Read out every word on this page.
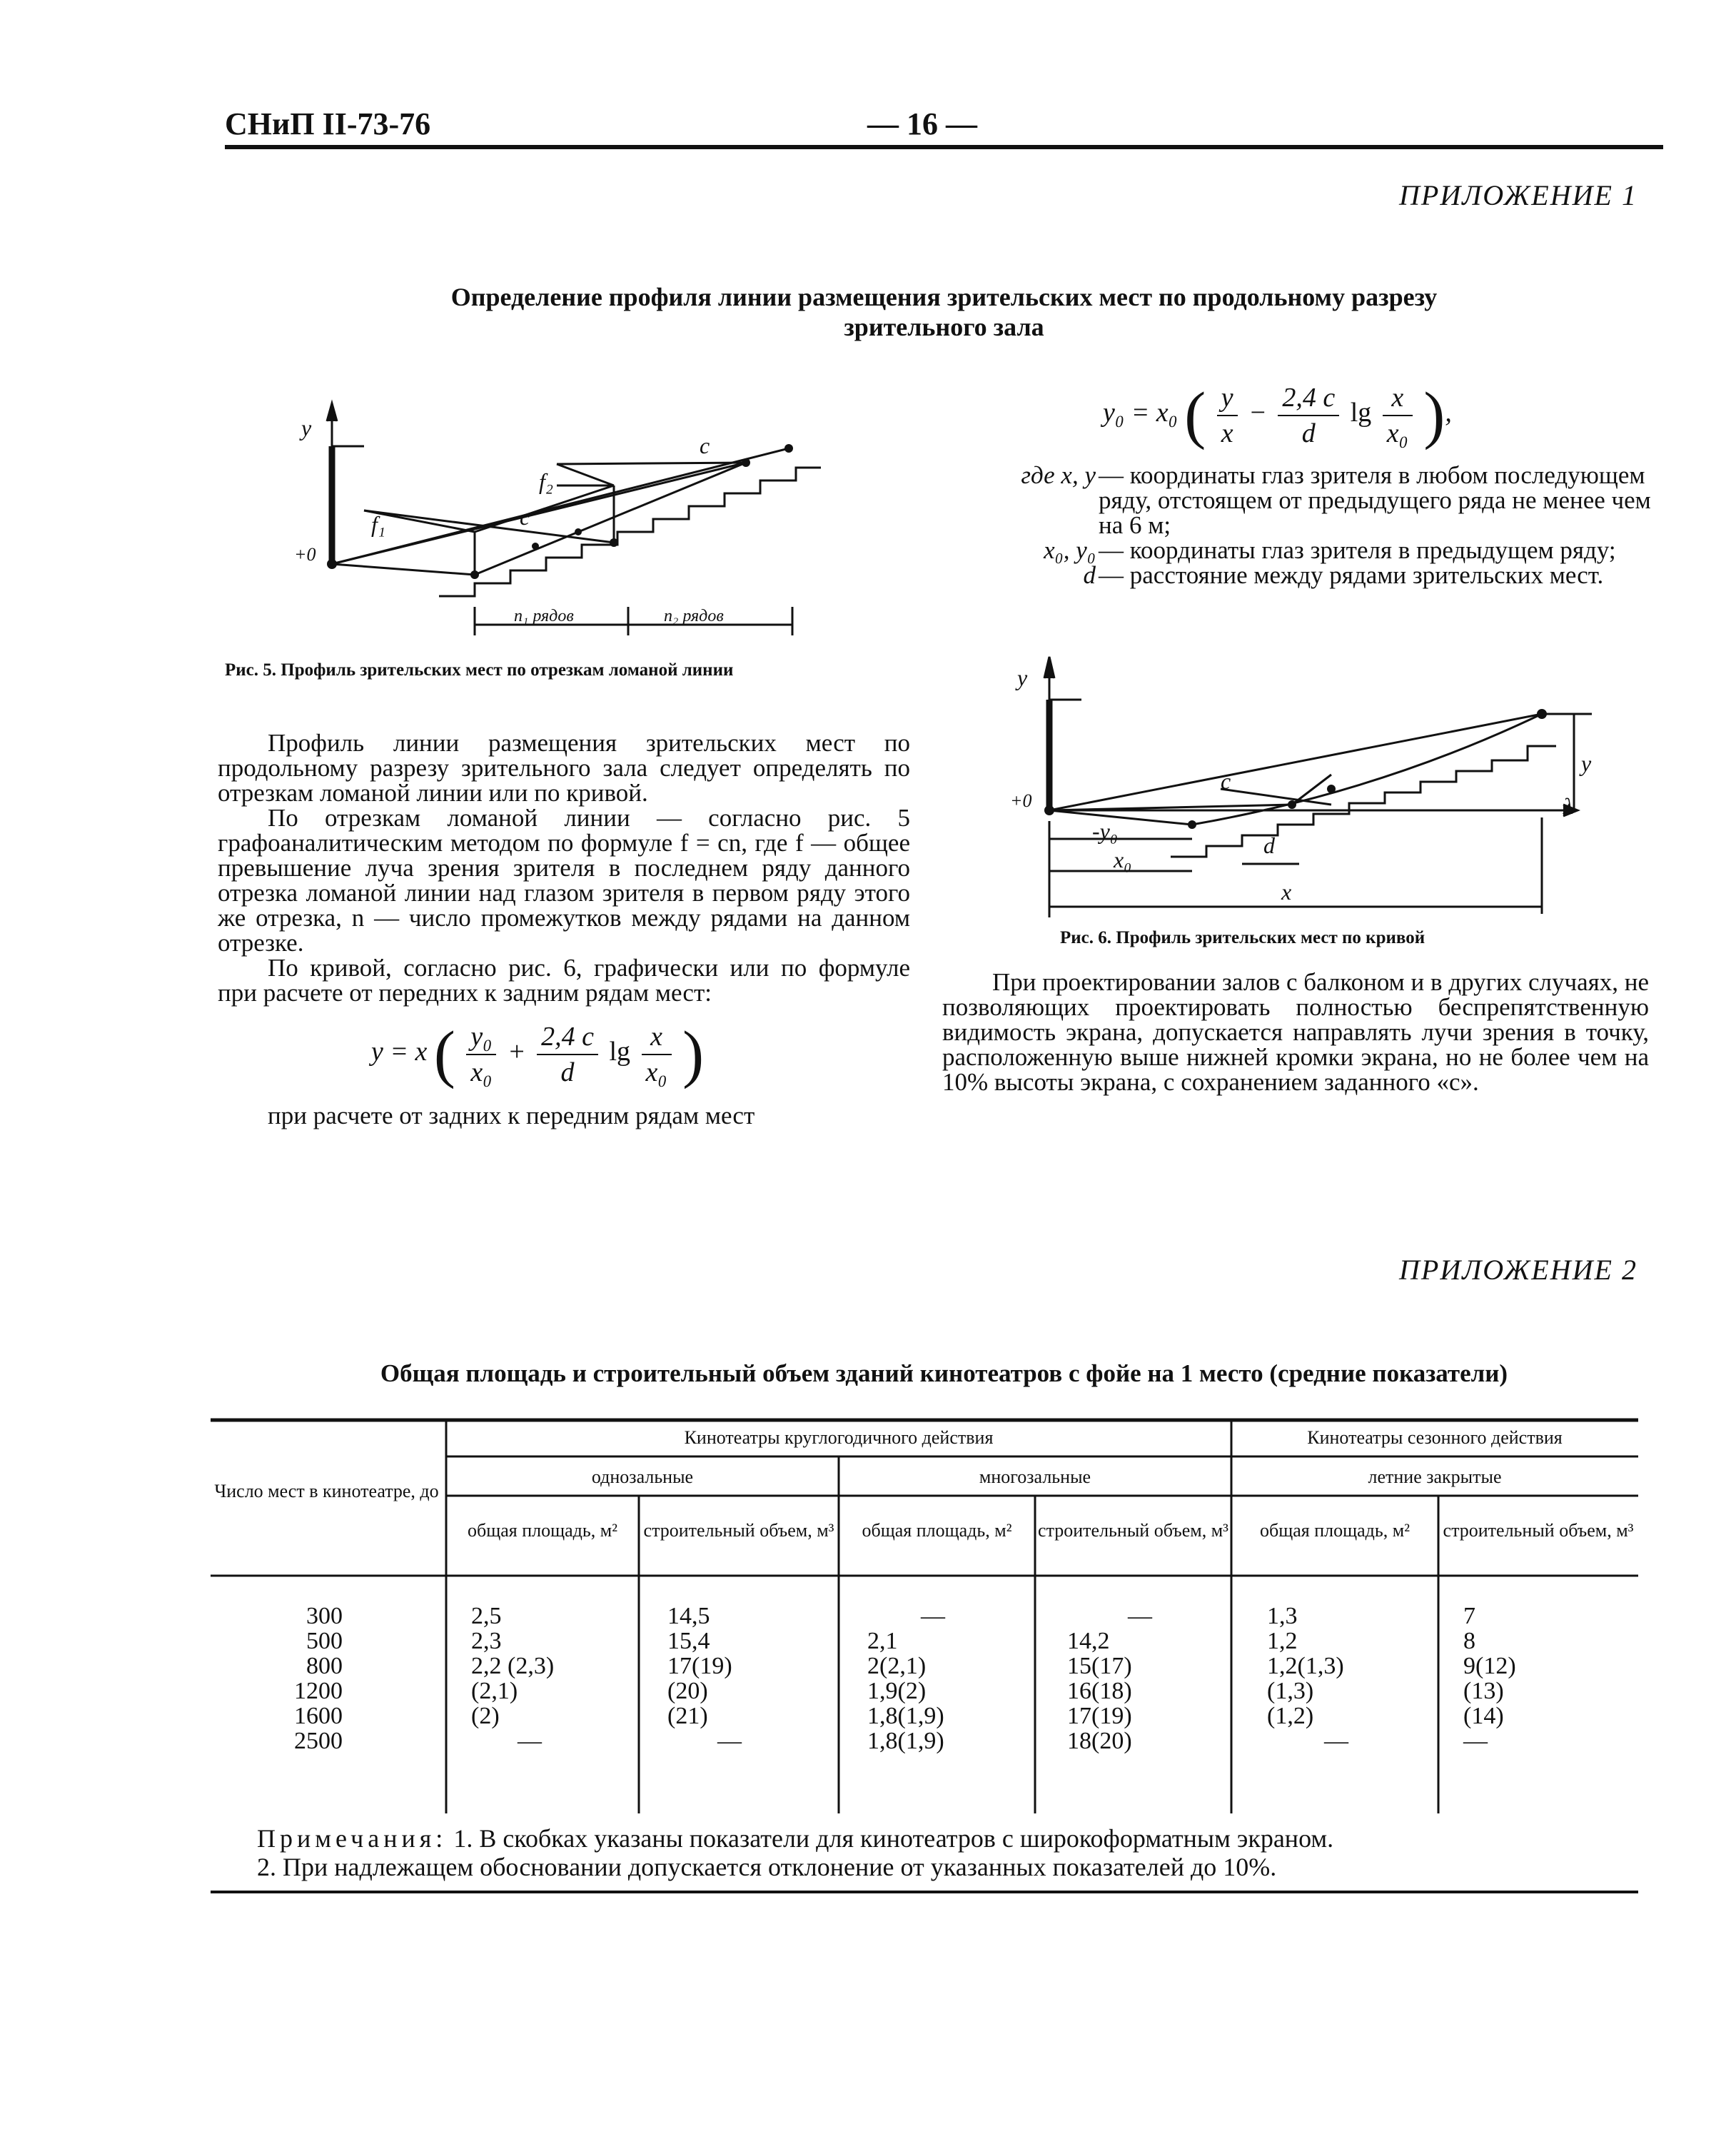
СНиП II-73-76	— 16 —
ПРИЛОЖЕНИЕ 1
Определение профиля линии размещения зрительских мест по продольному разрезу
зрительного зала
y
+0
f₁
f₂
c
c
n₁ рядов	n₂ рядов
Рис. 5. Профиль зрительских мест по отрезкам ломаной линии
y₀ = x₀ ( $\frac{y}{x} - \frac{2,4 c}{d}$ $\lg \frac{x}{\text{x₀}}$ ),
где x, y	— координаты глаз зрителя в любом последующем ряду, отстоящем от предыдущего ряда не менее чем на 6 м;
x₀, y₀	— координаты глаз зрителя в предыдущем ряду;
d	— расстояние между рядами зрительских мест.
y
+0
c
-y₀
x₀
d
x
λ
y
Рис. 6. Профиль зрительских мест по кривой

Профиль линии размещения зрительских мест по продольному разрезу зрительного зала следует определять по отрезкам ломаной линии или по кривой.

По отрезкам ломаной линии — согласно рис. 5 графоаналитическим методом по формуле f = cn, где f — общее превышение луча зрения зрителя в последнем ряду данного отрезка ломаной линии над глазом зрителя в первом ряду этого же отрезка, n — число промежутков между рядами на данном отрезке.

По кривой, согласно рис. 6, графически или по формуле при расчете от передних к задним рядам мест:

y = x ( $\frac{\text{y₀}}{\text{x₀}} + \frac{2,4 c}{d}$ $\lg \frac{x}{\text{x₀}}$ )
при расчете от задних к передним рядам мест

При проектировании залов с балконом и в других случаях, не позволяющих проектировать полностью беспрепятственную видимость экрана, допускается направлять лучи зрения в точку, расположенную выше нижней кромки экрана, но не более чем на 10% высоты экрана, с сохранением заданного «с».

ПРИЛОЖЕНИЕ 2
Общая площадь и строительный объем зданий кинотеатров с фойе на 1 место (средние показатели)
Число мест в кинотеатре, до
Кинотеатры круглогодичного действия	Кинотеатры сезонного действия
однозальные	многозальные	летние закрытые
общая площадь, м²	строительный объем, м³	общая площадь, м²	строительный объем, м³	общая площадь, м²	строительный объем, м³
300	2,5	14,5	—	—	1,3	7
500	2,3	15,4	2,1	14,2	1,2	8
800	2,2 (2,3)	17(19)	2(2,1)	15(17)	1,2(1,3)	9(12)
1200	(2,1)	(20)	1,9(2)	16(18)	(1,3)	(13)
1600	(2)	(21)	1,8(1,9)	17(19)	(1,2)	(14)
2500	—	—	1,8(1,9)	18(20)	—	—
Примечания: 1. В скобках указаны показатели для кинотеатров с широкоформатным экраном.
2. При надлежащем обосновании допускается отклонение от указанных показателей до 10%.
